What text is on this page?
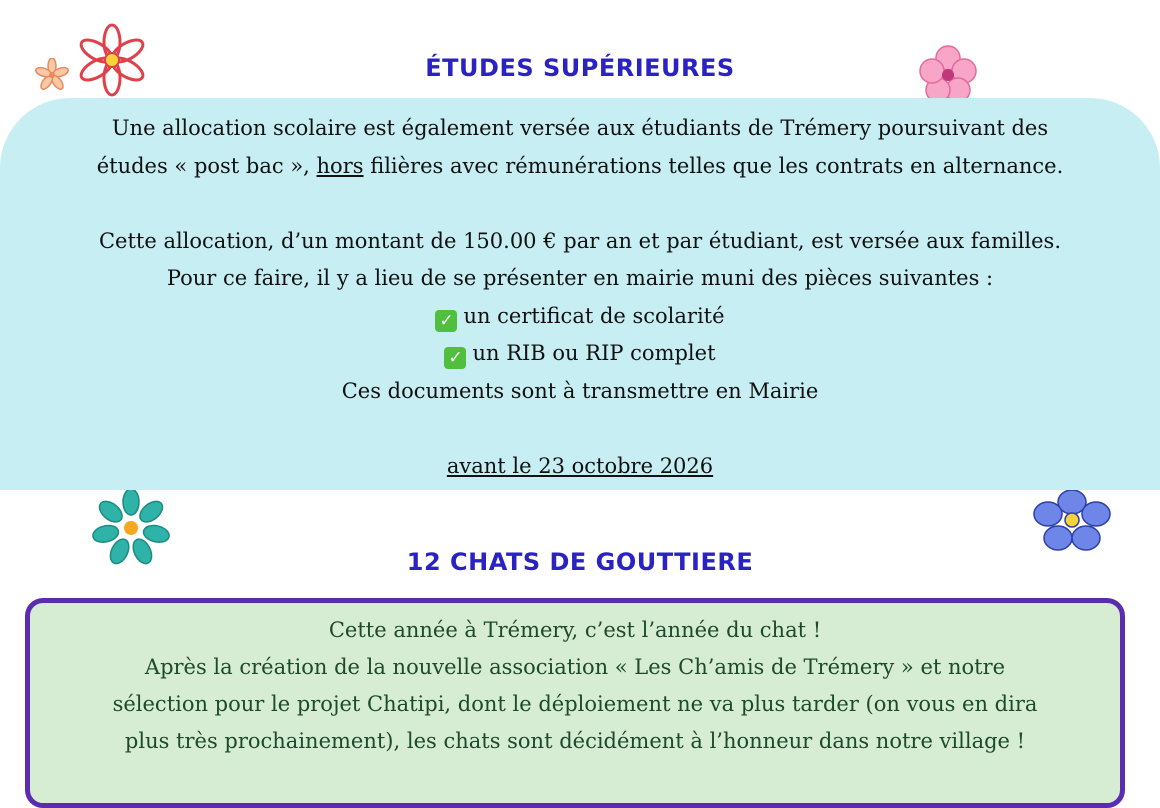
ÉTUDES SUPÉRIEURES

Une allocation scolaire est également versée aux étudiants de Trémery poursuivant des

études « post bac », hors filières avec rémunérations telles que les contrats en alternance.

Cette allocation, d’un montant de 150.00 € par an et par étudiant, est versée aux familles.

Pour ce faire, il y a lieu de se présenter en mairie muni des pièces suivantes :

✓ un certificat de scolarité

✓ un RIB ou RIP complet

Ces documents sont à transmettre en Mairie

avant le 23 octobre 2026

12 CHATS DE GOUTTIERE

Cette année à Trémery, c’est l’année du chat !

Après la création de la nouvelle association « Les Ch’amis de Trémery » et notre

sélection pour le projet Chatipi, dont le déploiement ne va plus tarder (on vous en dira

plus très prochainement), les chats sont décidément à l’honneur dans notre village !
